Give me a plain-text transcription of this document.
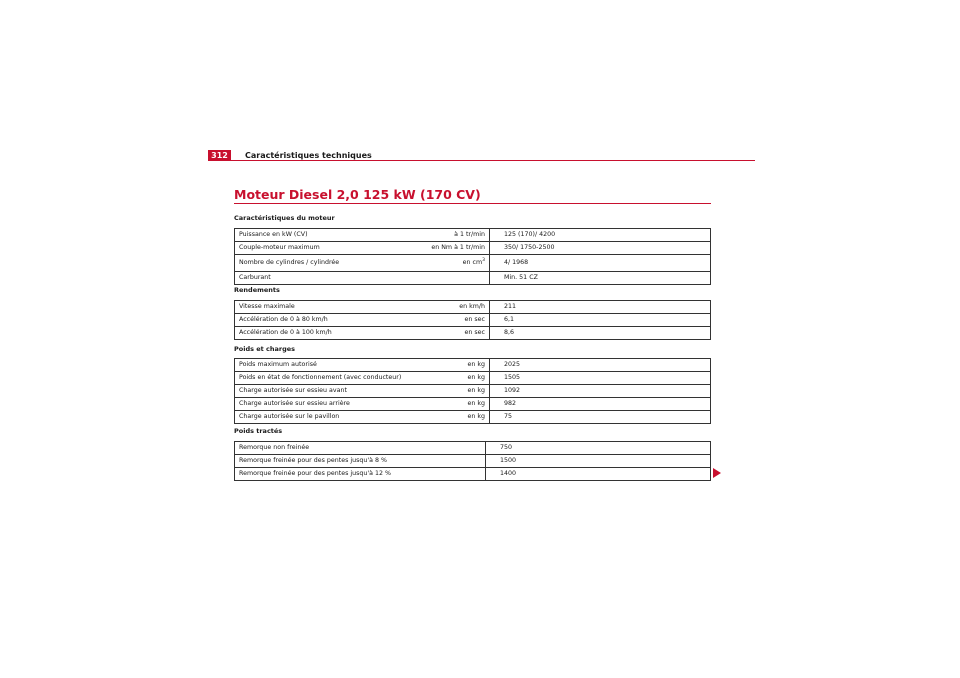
312	Caractéristiques techniques
Moteur Diesel 2,0 125 kW (170 CV)
Caractéristiques du moteur
Puissance en kW (CV)	à 1 tr/min	125 (170)/ 4200
Couple-moteur maximum	en Nm à 1 tr/min	350/ 1750-2500
Nombre de cylindres / cylindrée	en $cm^3$	4/ 1968
Carburant		Min. 51 CZ
Rendements
Vitesse maximale	en km/h	211
Accélération de 0 à 80 km/h	en sec	6,1
Accélération de 0 à 100 km/h	en sec	8,6
Poids et charges
Poids maximum autorisé	en kg	2025
Poids en état de fonctionnement (avec conducteur)	en kg	1505
Charge autorisée sur essieu avant	en kg	1092
Charge autorisée sur essieu arrière	en kg	982
Charge autorisée sur le pavillon	en kg	75
Poids tractés
Remorque non freinée	750
Remorque freinée pour des pentes jusqu'à 8 %	1500
Remorque freinée pour des pentes jusqu'à 12 %	1400
